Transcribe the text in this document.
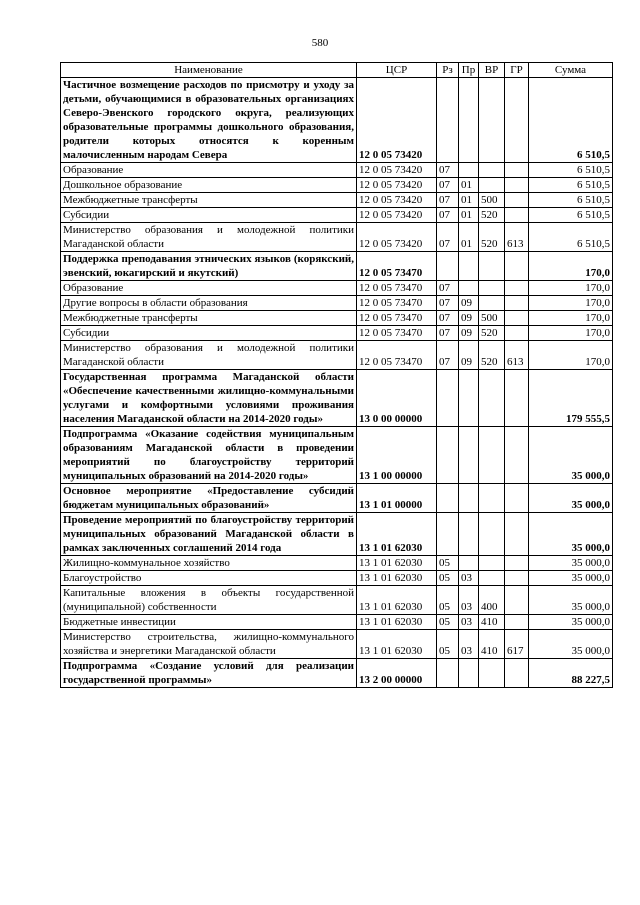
580
Наименование	ЦСР	Рз	Пр	ВР	ГР	Сумма
Частичное возмещение расходов по присмотру и уходу за детьми, обучающимися в образовательных организациях Северо-Эвенского городского округа, реализующих образовательные программы дошкольного образования, родители которых относятся к коренным малочисленным народам Севера	12 0 05 73420					6 510,5
Образование	12 0 05 73420	07				6 510,5
Дошкольное образование	12 0 05 73420	07	01			6 510,5
Межбюджетные трансферты	12 0 05 73420	07	01	500		6 510,5
Субсидии	12 0 05 73420	07	01	520		6 510,5
Министерство образования и молодежной политики Магаданской области	12 0 05 73420	07	01	520	613	6 510,5
Поддержка преподавания этнических языков (корякский, эвенский, юкагирский и якутский)	12 0 05 73470					170,0
Образование	12 0 05 73470	07				170,0
Другие вопросы в области образования	12 0 05 73470	07	09			170,0
Межбюджетные трансферты	12 0 05 73470	07	09	500		170,0
Субсидии	12 0 05 73470	07	09	520		170,0
Министерство образования и молодежной политики Магаданской области	12 0 05 73470	07	09	520	613	170,0
Государственная программа Магаданской области «Обеспечение качественными жилищно-коммунальными услугами и комфортными условиями проживания населения Магаданской области на 2014-2020 годы»	13 0 00 00000					179 555,5
Подпрограмма «Оказание содействия муниципальным образованиям Магаданской области в проведении мероприятий по благоустройству территорий муниципальных образований на 2014-2020 годы»	13 1 00 00000					35 000,0
Основное мероприятие «Предоставление субсидий бюджетам муниципальных образований»	13 1 01 00000					35 000,0
Проведение мероприятий по благоустройству территорий муниципальных образований Магаданской области в рамках заключенных соглашений 2014 года	13 1 01 62030					35 000,0
Жилищно-коммунальное хозяйство	13 1 01 62030	05				35 000,0
Благоустройство	13 1 01 62030	05	03			35 000,0
Капитальные вложения в объекты государственной (муниципальной) собственности	13 1 01 62030	05	03	400		35 000,0
Бюджетные инвестиции	13 1 01 62030	05	03	410		35 000,0
Министерство строительства, жилищно-коммунального хозяйства и энергетики Магаданской области	13 1 01 62030	05	03	410	617	35 000,0
Подпрограмма «Создание условий для реализации государственной программы»	13 2 00 00000					88 227,5
